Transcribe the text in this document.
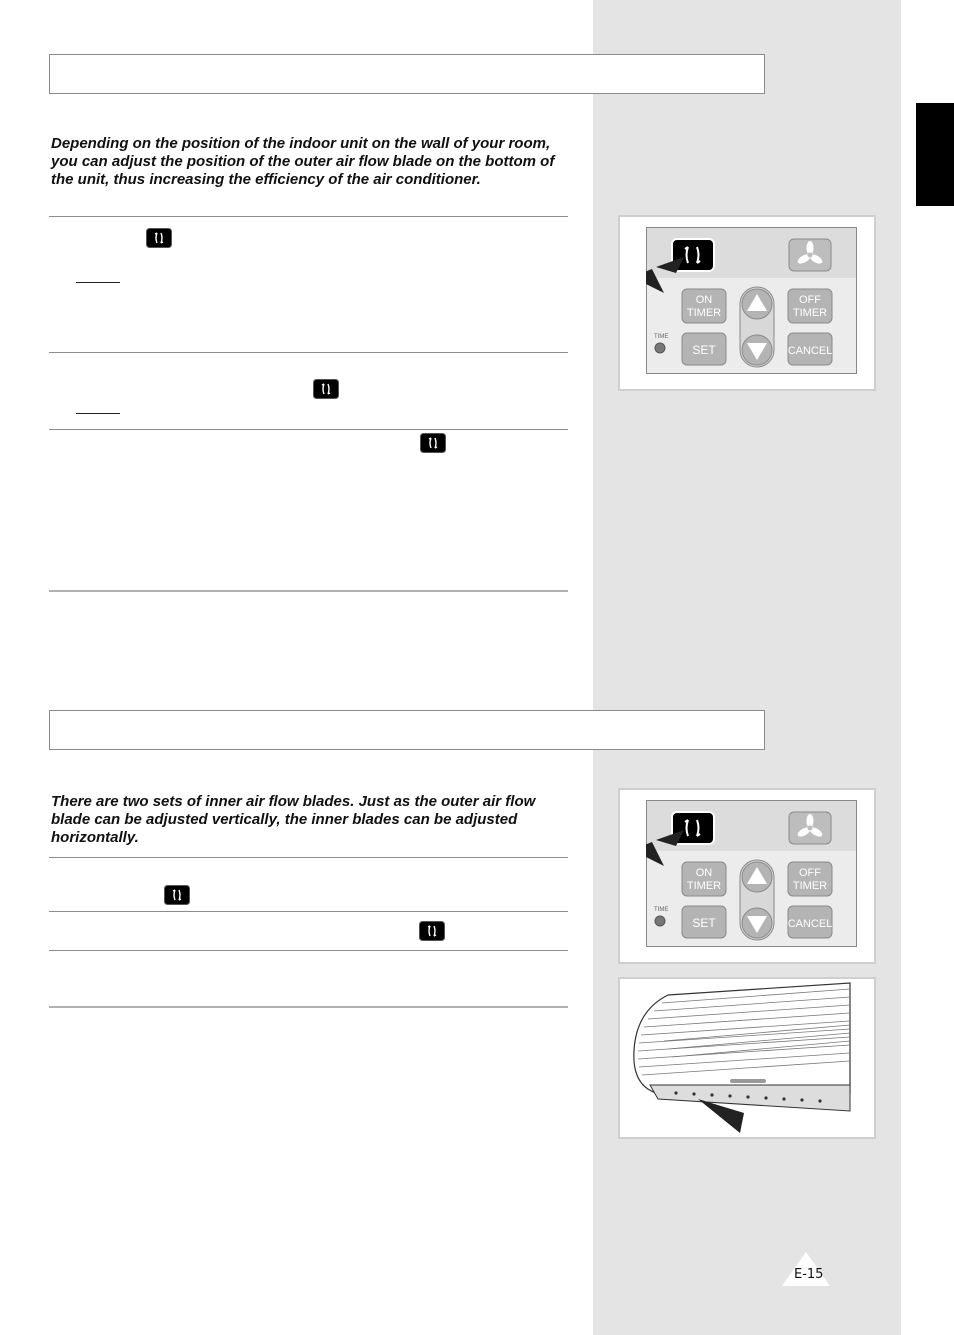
Depending on the position of the indoor unit on the wall of your room, you can adjust the position of the outer air flow blade on the bottom of the unit, thus increasing the efficiency of the air conditioner.

ON
TIMER
OFF
TIMER
TIME
SET	CANCEL

There are two sets of inner air flow blades. Just as the outer air flow blade can be adjusted vertically, the inner blades can be adjusted horizontally.

ON
TIMER
OFF
TIMER
TIME
SET	CANCEL
E-15
